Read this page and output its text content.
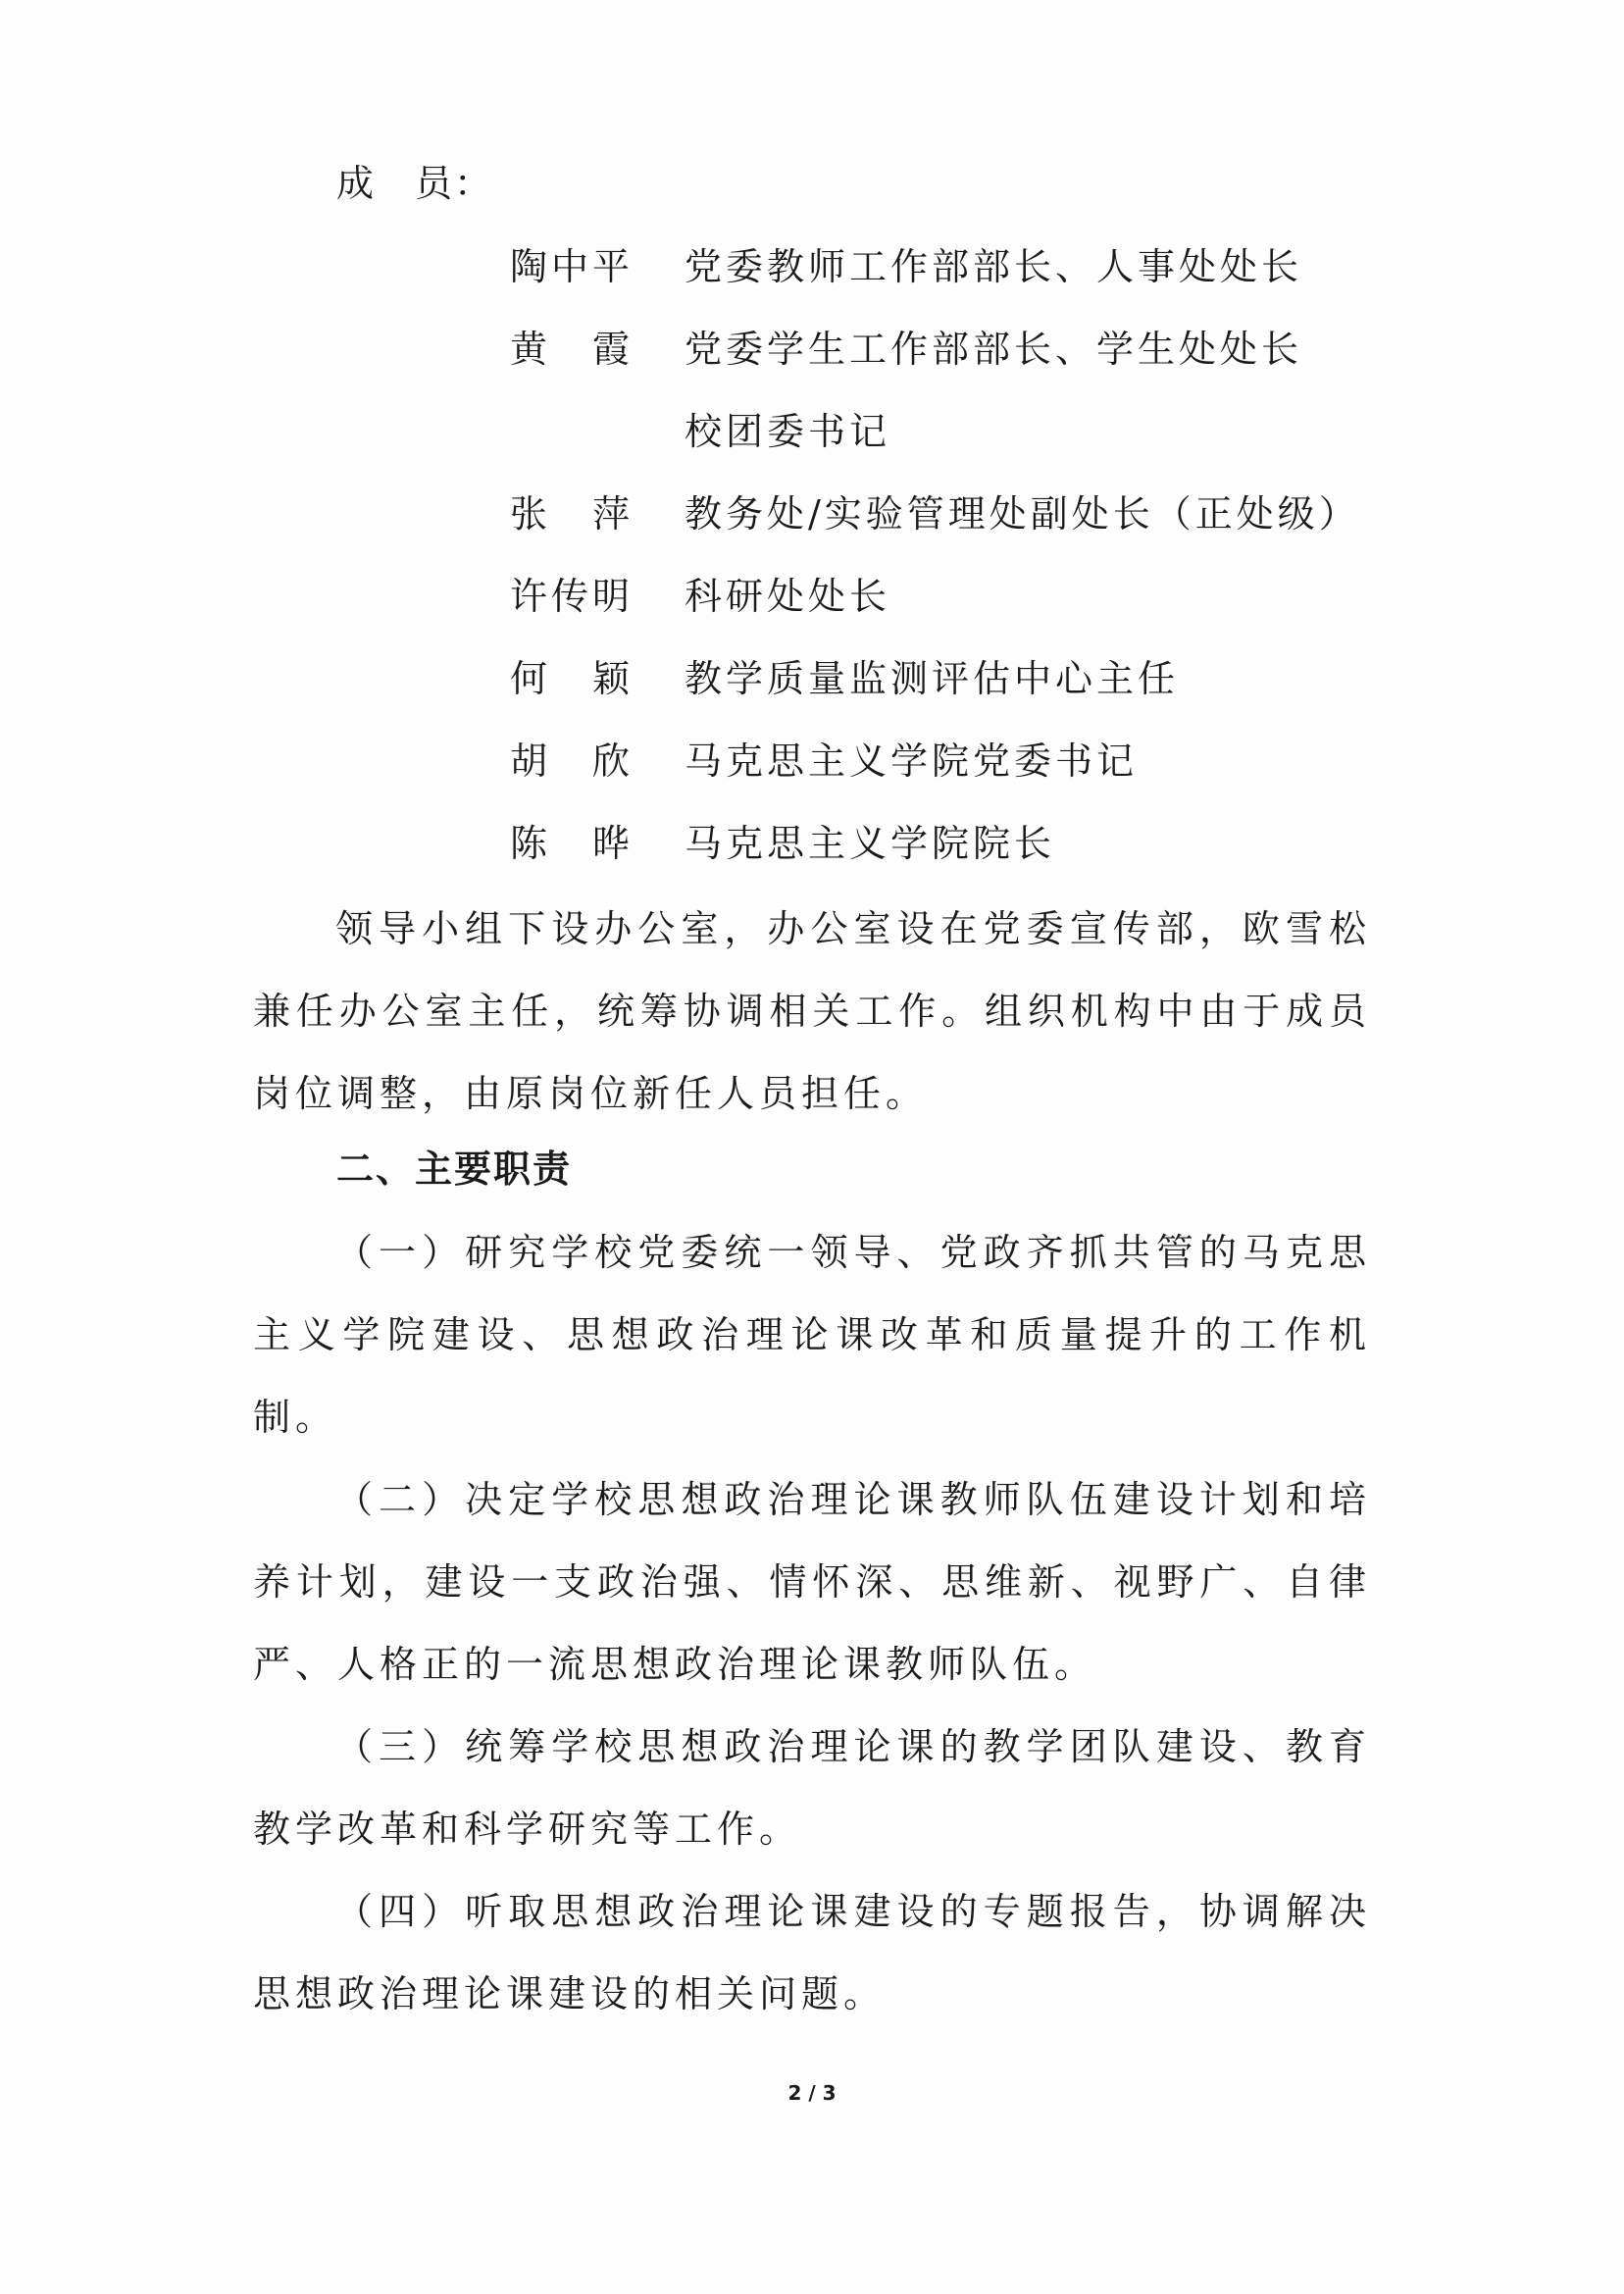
成 员：
陶中平 党委教师工作部部长、人事处处长
黄　霞 党委学生工作部部长、学生处处长
校团委书记
张　萍 教务处/实验管理处副处长（正处级）
许传明 科研处处长
何　颖 教学质量监测评估中心主任
胡　欣 马克思主义学院党委书记
陈　晔 马克思主义学院院长
领导小组下设办公室，办公室设在党委宣传部，欧雪松兼任办公室主任，统筹协调相关工作。组织机构中由于成员岗位调整，由原岗位新任人员担任。
二、主要职责
（一）研究学校党委统一领导、党政齐抓共管的马克思主义学院建设、思想政治理论课改革和质量提升的工作机制。
（二）决定学校思想政治理论课教师队伍建设计划和培养计划，建设一支政治强、情怀深、思维新、视野广、自律严、人格正的一流思想政治理论课教师队伍。
（三）统筹学校思想政治理论课的教学团队建设、教育教学改革和科学研究等工作。
（四）听取思想政治理论课建设的专题报告，协调解决思想政治理论课建设的相关问题。
2 / 3
